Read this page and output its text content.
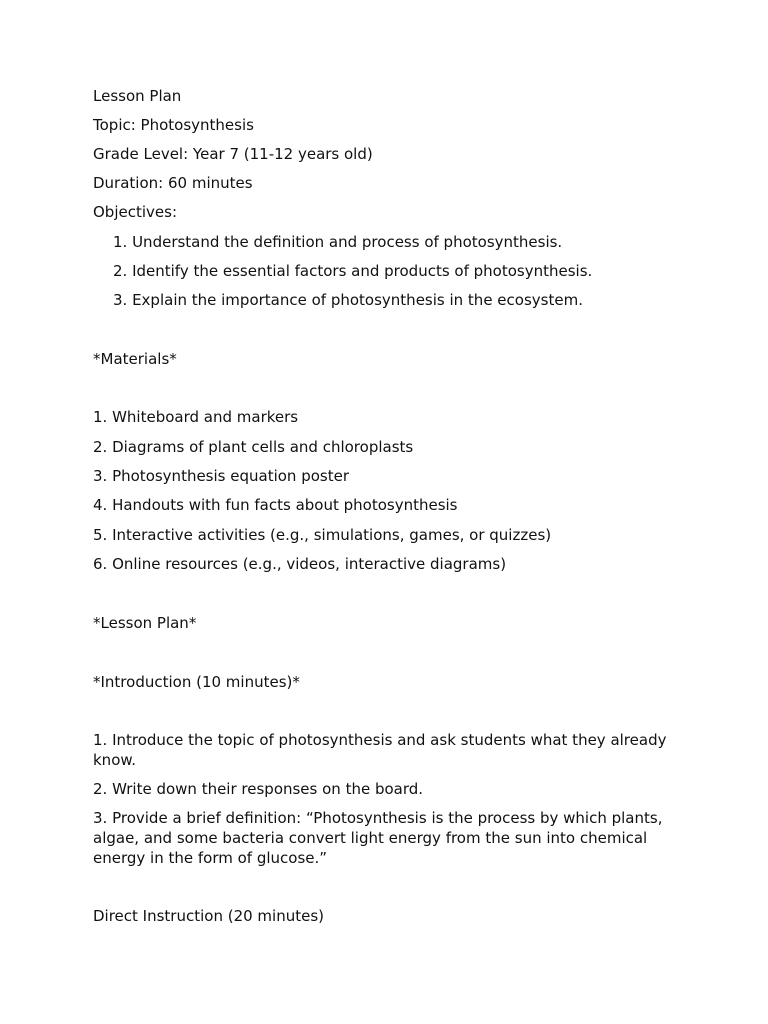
Lesson Plan
Topic: Photosynthesis
Grade Level: Year 7 (11-12 years old)
Duration: 60 minutes
Objectives:
1. Understand the definition and process of photosynthesis.
2. Identify the essential factors and products of photosynthesis.
3. Explain the importance of photosynthesis in the ecosystem.
*Materials*
1. Whiteboard and markers
2. Diagrams of plant cells and chloroplasts
3. Photosynthesis equation poster
4. Handouts with fun facts about photosynthesis
5. Interactive activities (e.g., simulations, games, or quizzes)
6. Online resources (e.g., videos, interactive diagrams)
*Lesson Plan*
*Introduction (10 minutes)*
1. Introduce the topic of photosynthesis and ask students what they already know.
2. Write down their responses on the board.
3. Provide a brief definition: “Photosynthesis is the process by which plants, algae, and some bacteria convert light energy from the sun into chemical energy in the form of glucose.”
Direct Instruction (20 minutes)
